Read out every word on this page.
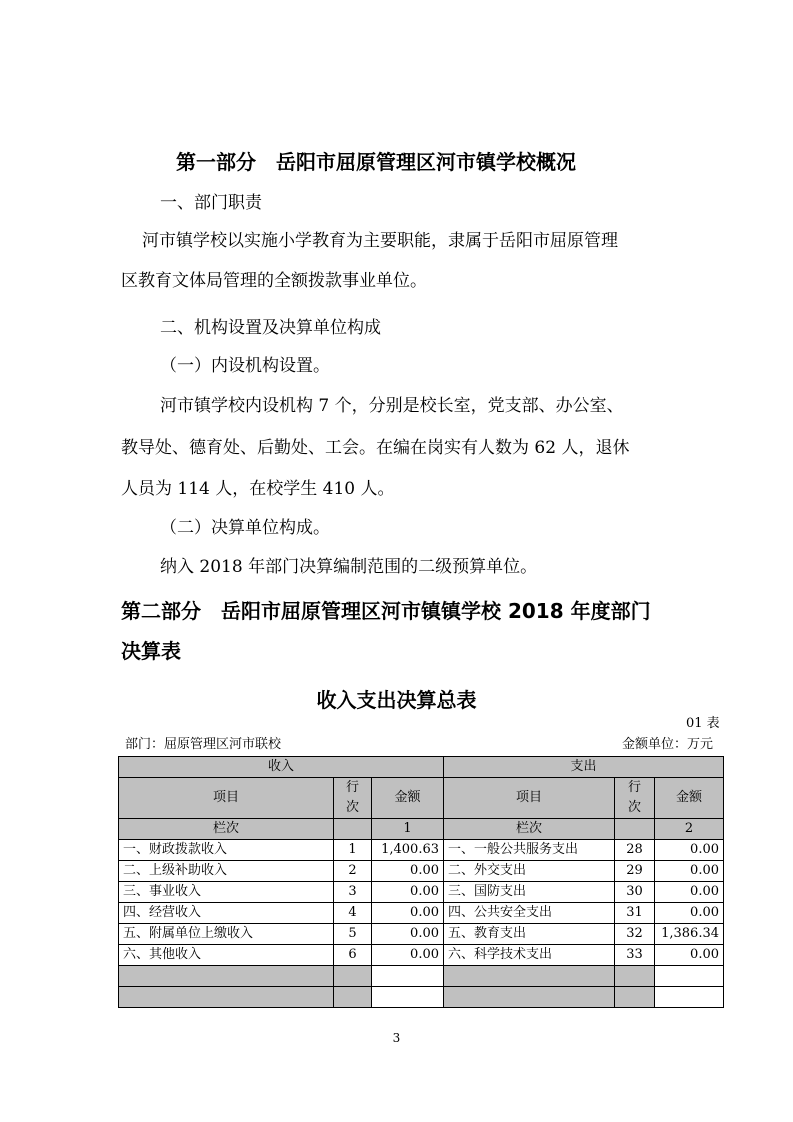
第一部分　岳阳市屈原管理区河市镇学校概况
一、部门职责
河市镇学校以实施小学教育为主要职能，隶属于岳阳市屈原管理
区教育文体局管理的全额拨款事业单位。
二、机构设置及决算单位构成
（一）内设机构设置。
河市镇学校内设机构 7 个，分别是校长室，党支部、办公室、
教导处、德育处、后勤处、工会。在编在岗实有人数为 62 人，退休
人员为 114 人，在校学生 410 人。
（二）决算单位构成。
纳入 2018 年部门决算编制范围的二级预算单位。
第二部分　岳阳市屈原管理区河市镇镇学校 2018 年度部门
决算表
收入支出决算总表
01 表
部门：屈原管理区河市联校	金额单位：万元
收入			支出		
项目	行次	金额	项目	行次	金额
栏次		1	栏次		2
一、财政拨款收入	1	1,400.63	一、一般公共服务支出	28	0.00
二、上级补助收入	2	0.00	二、外交支出	29	0.00
三、事业收入	3	0.00	三、国防支出	30	0.00
四、经营收入	4	0.00	四、公共安全支出	31	0.00
五、附属单位上缴收入	5	0.00	五、教育支出	32	1,386.34
六、其他收入	6	0.00	六、科学技术支出	33	0.00

3
